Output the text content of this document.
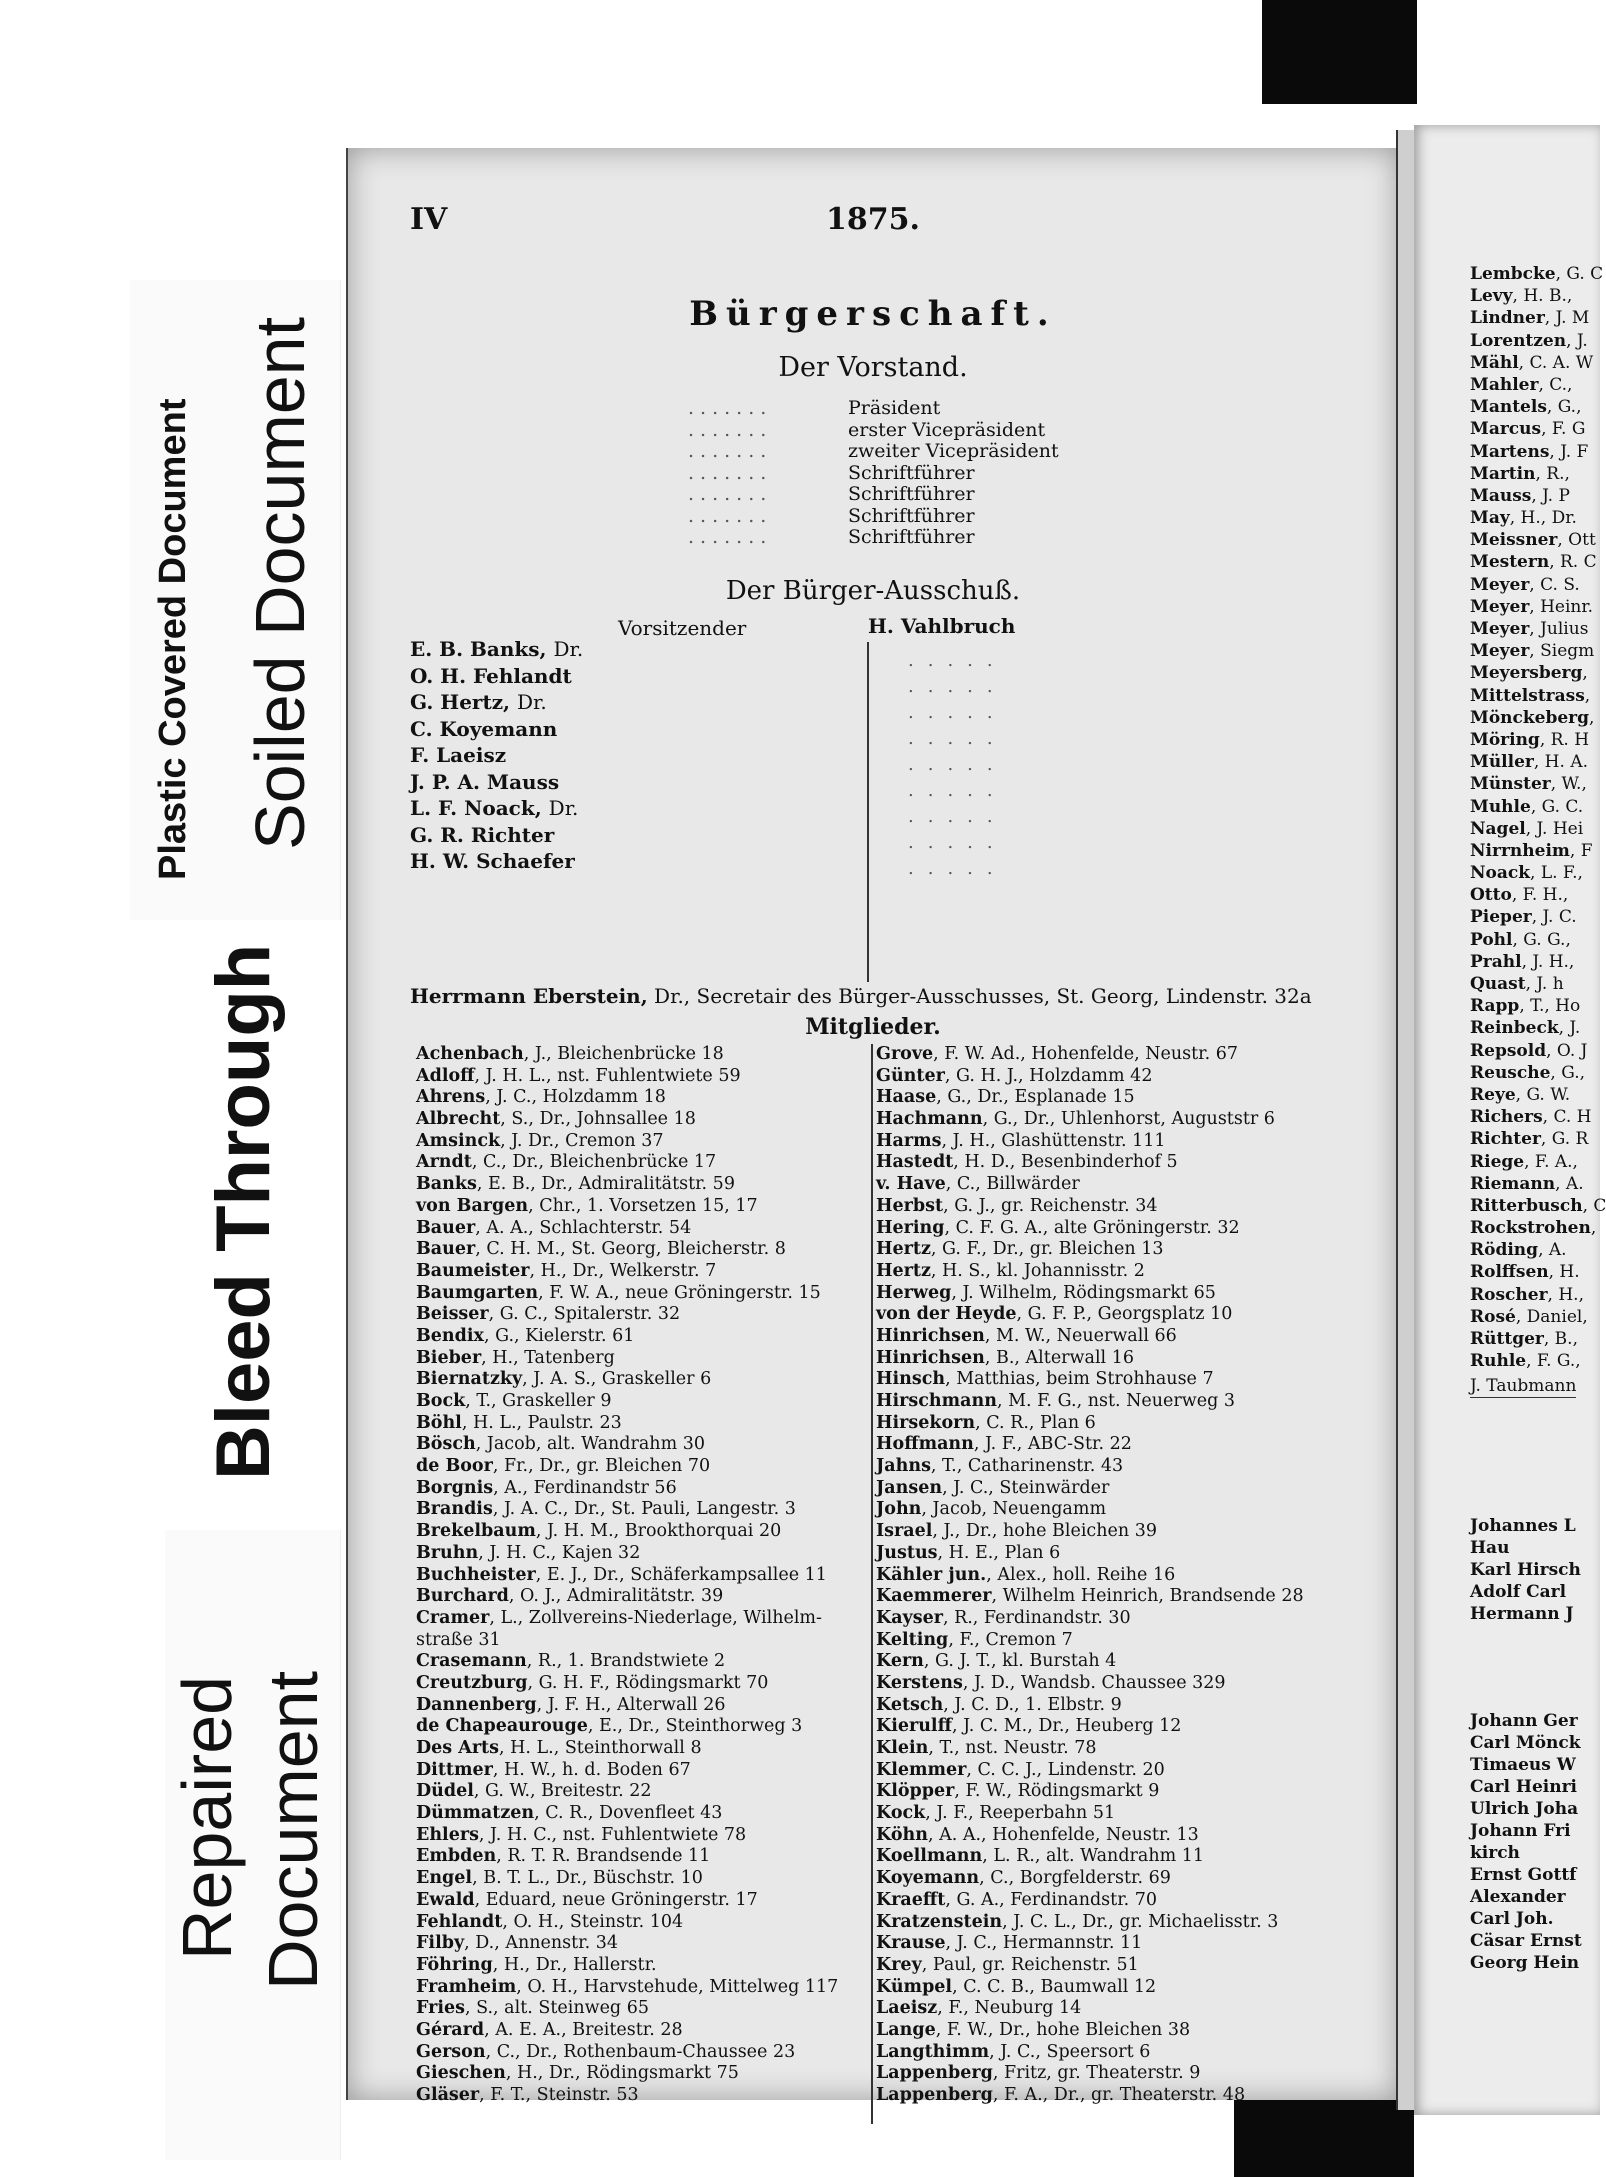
Plastic Covered Document Soiled Document
Bleed Through
Repaired Document
IV	1875.
Bürgerschaft.
Der Vorstand.
.......	Präsident
.......	erster Vicepräsident
.......	zweiter Vicepräsident
.......	Schriftführer
.......	Schriftführer
.......	Schriftführer
.......	Schriftführer
Der Bürger-Ausschuß.
Vorsitzender	H. Vahlbruch
E. B. Banks, Dr.
O. H. Fehlandt
G. Hertz, Dr.
C. Koyemann
F. Laeisz
J. P. A. Mauss
L. F. Noack, Dr.
G. R. Richter
H. W. Schaefer
.....
.....
.....
.....
.....
.....
.....
.....
.....
Herrmann Eberstein, Dr., Secretair des Bürger-Ausschusses, St. Georg, Lindenstr. 32a
Mitglieder.
Achenbach, J., Bleichenbrücke 18
Adloff, J. H. L., nst. Fuhlentwiete 59
Ahrens, J. C., Holzdamm 18
Albrecht, S., Dr., Johnsallee 18
Amsinck, J. Dr., Cremon 37
Arndt, C., Dr., Bleichenbrücke 17
Banks, E. B., Dr., Admiralitätstr. 59
von Bargen, Chr., 1. Vorsetzen 15, 17
Bauer, A. A., Schlachterstr. 54
Bauer, C. H. M., St. Georg, Bleicherstr. 8
Baumeister, H., Dr., Welkerstr. 7
Baumgarten, F. W. A., neue Gröningerstr. 15
Beisser, G. C., Spitalerstr. 32
Bendix, G., Kielerstr. 61
Bieber, H., Tatenberg
Biernatzky, J. A. S., Graskeller 6
Bock, T., Graskeller 9
Böhl, H. L., Paulstr. 23
Bösch, Jacob, alt. Wandrahm 30
de Boor, Fr., Dr., gr. Bleichen 70
Borgnis, A., Ferdinandstr 56
Brandis, J. A. C., Dr., St. Pauli, Langestr. 3
Brekelbaum, J. H. M., Brookthorquai 20
Bruhn, J. H. C., Kajen 32
Buchheister, E. J., Dr., Schäferkampsallee 11
Burchard, O. J., Admiralitätstr. 39
Cramer, L., Zollvereins-Niederlage, Wilhelm-
straße 31
Crasemann, R., 1. Brandstwiete 2
Creutzburg, G. H. F., Rödingsmarkt 70
Dannenberg, J. F. H., Alterwall 26
de Chapeaurouge, E., Dr., Steinthorweg 3
Des Arts, H. L., Steinthorwall 8
Dittmer, H. W., h. d. Boden 67
Düdel, G. W., Breitestr. 22
Dümmatzen, C. R., Dovenfleet 43
Ehlers, J. H. C., nst. Fuhlentwiete 78
Embden, R. T. R. Brandsende 11
Engel, B. T. L., Dr., Büschstr. 10
Ewald, Eduard, neue Gröningerstr. 17
Fehlandt, O. H., Steinstr. 104
Filby, D., Annenstr. 34
Föhring, H., Dr., Hallerstr.
Framheim, O. H., Harvstehude, Mittelweg 117
Fries, S., alt. Steinweg 65
Gérard, A. E. A., Breitestr. 28
Gerson, C., Dr., Rothenbaum-Chaussee 23
Gieschen, H., Dr., Rödingsmarkt 75
Gläser, F. T., Steinstr. 53
Grove, F. W. Ad., Hohenfelde, Neustr. 67
Günter, G. H. J., Holzdamm 42
Haase, G., Dr., Esplanade 15
Hachmann, G., Dr., Uhlenhorst, Auguststr 6
Harms, J. H., Glashüttenstr. 111
Hastedt, H. D., Besenbinderhof 5
v. Have, C., Billwärder
Herbst, G. J., gr. Reichenstr. 34
Hering, C. F. G. A., alte Gröningerstr. 32
Hertz, G. F., Dr., gr. Bleichen 13
Hertz, H. S., kl. Johannisstr. 2
Herweg, J. Wilhelm, Rödingsmarkt 65
von der Heyde, G. F. P., Georgsplatz 10
Hinrichsen, M. W., Neuerwall 66
Hinrichsen, B., Alterwall 16
Hinsch, Matthias, beim Strohhause 7
Hirschmann, M. F. G., nst. Neuerweg 3
Hirsekorn, C. R., Plan 6
Hoffmann, J. F., ABC-Str. 22
Jahns, T., Catharinenstr. 43
Jansen, J. C., Steinwärder
John, Jacob, Neuengamm
Israel, J., Dr., hohe Bleichen 39
Justus, H. E., Plan 6
Kähler jun., Alex., holl. Reihe 16
Kaemmerer, Wilhelm Heinrich, Brandsende 28
Kayser, R., Ferdinandstr. 30
Kelting, F., Cremon 7
Kern, G. J. T., kl. Burstah 4
Kerstens, J. D., Wandsb. Chaussee 329
Ketsch, J. C. D., 1. Elbstr. 9
Kierulff, J. C. M., Dr., Heuberg 12
Klein, T., nst. Neustr. 78
Klemmer, C. C. J., Lindenstr. 20
Klöpper, F. W., Rödingsmarkt 9
Kock, J. F., Reeperbahn 51
Köhn, A. A., Hohenfelde, Neustr. 13
Koellmann, L. R., alt. Wandrahm 11
Koyemann, C., Borgfelderstr. 69
Kraefft, G. A., Ferdinandstr. 70
Kratzenstein, J. C. L., Dr., gr. Michaelisstr. 3
Krause, J. C., Hermannstr. 11
Krey, Paul, gr. Reichenstr. 51
Kümpel, C. C. B., Baumwall 12
Laeisz, F., Neuburg 14
Lange, F. W., Dr., hohe Bleichen 38
Langthimm, J. C., Speersort 6
Lappenberg, Fritz, gr. Theaterstr. 9
Lappenberg, F. A., Dr., gr. Theaterstr. 48
Lembcke, G. C
Levy, H. B.,
Lindner, J. M
Lorentzen, J.
Mähl, C. A. W
Mahler, C.,
Mantels, G.,
Marcus, F. G
Martens, J. F
Martin, R.,
Mauss, J. P
May, H., Dr.
Meissner, Ott
Mestern, R. C
Meyer, C. S.
Meyer, Heinr.
Meyer, Julius
Meyer, Siegm
Meyersberg,
Mittelstrass,
Mönckeberg,
Möring, R. H
Müller, H. A.
Münster, W.,
Muhle, G. C.
Nagel, J. Hei
Nirrnheim, F
Noack, L. F.,
Otto, F. H.,
Pieper, J. C.
Pohl, G. G.,
Prahl, J. H.,
Quast, J. h
Rapp, T., Ho
Reinbeck, J.
Repsold, O. J
Reusche, G.,
Reye, G. W.
Richers, C. H
Richter, G. R
Riege, F. A.,
Riemann, A.
Ritterbusch, C
Rockstrohen,
Röding, A.
Rolffsen, H.
Roscher, H.,
Rosé, Daniel,
Rüttger, B.,
Ruhle, F. G.,
J. Taubmann
Johannes L
Hau
Karl Hirsch
Adolf Carl
Hermann J
Johann Ger
Carl Mönck
Timaeus W
Carl Heinri
Ulrich Joha
Johann Fri
kirch
Ernst Gottf
Alexander
Carl Joh.
Cäsar Ernst
Georg Hein
